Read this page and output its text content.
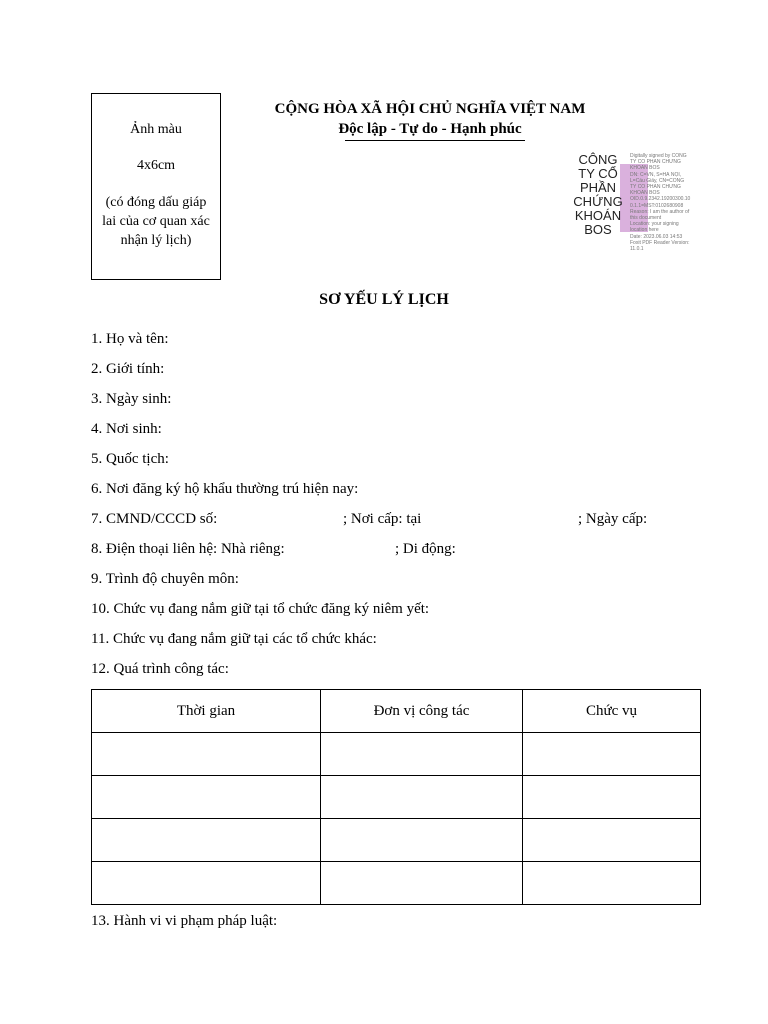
Ảnh màu
4x6cm
(có đóng dấu giáp lai của cơ quan xác nhận lý lịch)
CỘNG HÒA XÃ HỘI CHỦ NGHĨA VIỆT NAM
Độc lập - Tự do - Hạnh phúc
CÔNG
TY CỔ
PHẦN
CHỨNG
KHOÁN
BOS
Digitally signed by CÔNG
TY CỔ PHẦN CHỨNG
KHOÁN BOS
DN: C=VN, S=HÀ NỘI,
L=Cầu Giấy, CN=CÔNG
TY CỔ PHẦN CHỨNG
KHOÁN BOS
OID.0.9.2342.19200300.10
0.1.1=MST:0102680908
Reason: I am the author of
this document
Location: your signing
location here
Date: 2023.06.03 14:53
Foxit PDF Reader Version:
11.0.1
SƠ YẾU LÝ LỊCH
1. Họ và tên:
2. Giới tính:
3. Ngày sinh:
4. Nơi sinh:
5. Quốc tịch:
6. Nơi đăng ký hộ khẩu thường trú hiện nay:
7. CMND/CCCD số:	; Nơi cấp: tại	; Ngày cấp:
8. Điện thoại liên hệ: Nhà riêng:	; Di động:
9. Trình độ chuyên môn:
10. Chức vụ đang nắm giữ tại tổ chức đăng ký niêm yết:
11. Chức vụ đang nắm giữ tại các tổ chức khác:
12. Quá trình công tác:
Thời gian	Đơn vị công tác	Chức vụ

13. Hành vi vi phạm pháp luật:
